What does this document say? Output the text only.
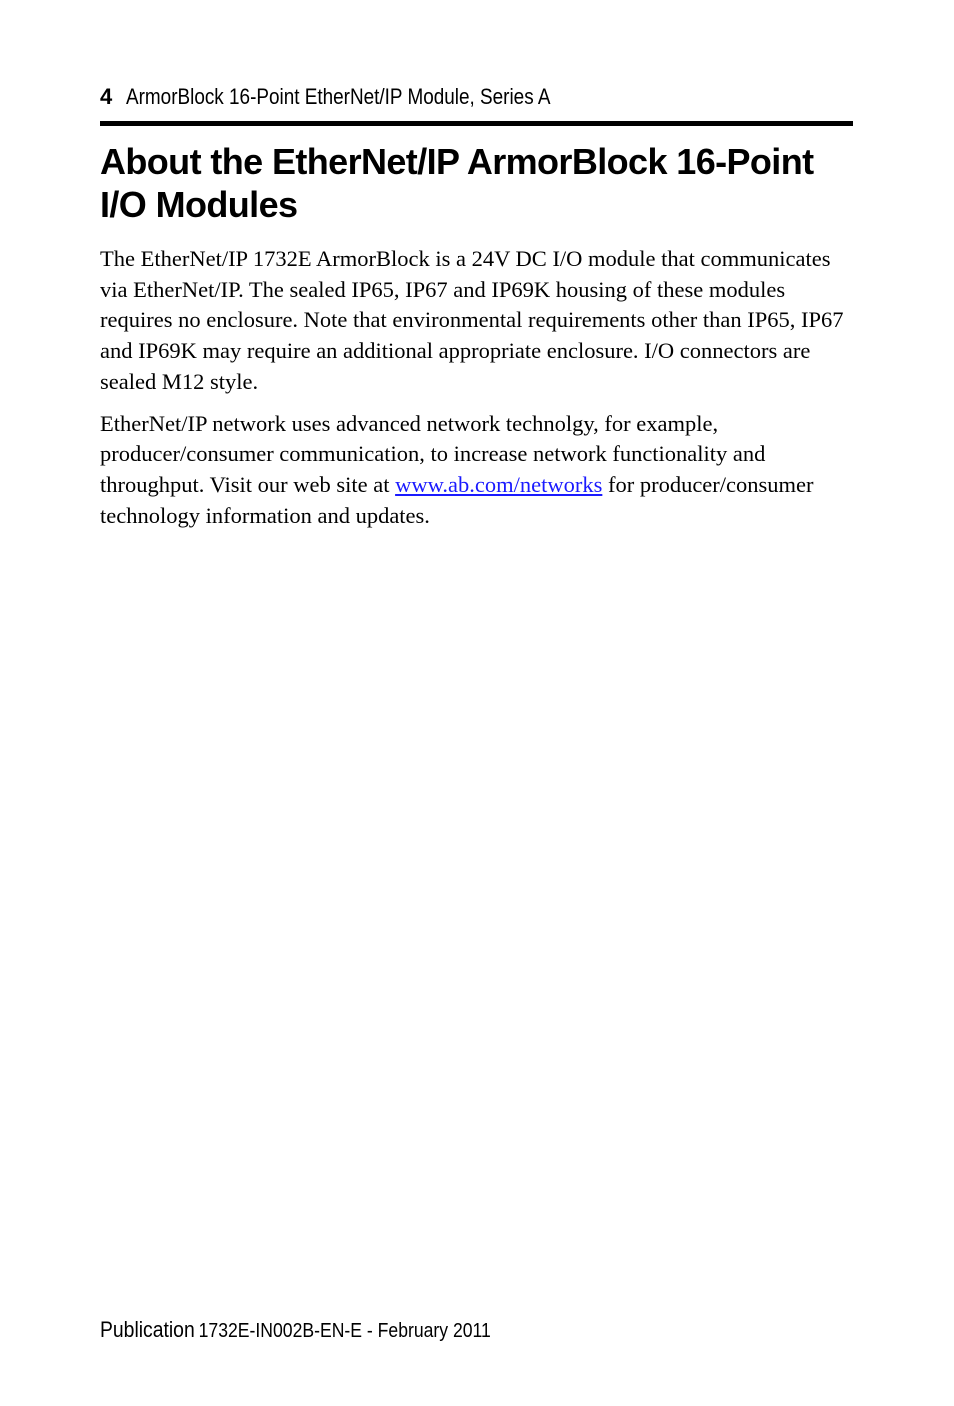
4 ArmorBlock 16-Point EtherNet/IP Module, Series A
About the EtherNet/IP ArmorBlock 16-Point I/O Modules

The EtherNet/IP 1732E ArmorBlock is a 24V DC I/O module that communicates via EtherNet/IP. The sealed IP65, IP67 and IP69K housing of these modules requires no enclosure. Note that environmental requirements other than IP65, IP67 and IP69K may require an additional appropriate enclosure. I/O connectors are sealed M12 style.

EtherNet/IP network uses advanced network technolgy, for example, producer/consumer communication, to increase network functionality and throughput. Visit our web site at www.ab.com/networks for producer/consumer technology information and updates.

Publication 1732E-IN002B-EN-E - February 2011
